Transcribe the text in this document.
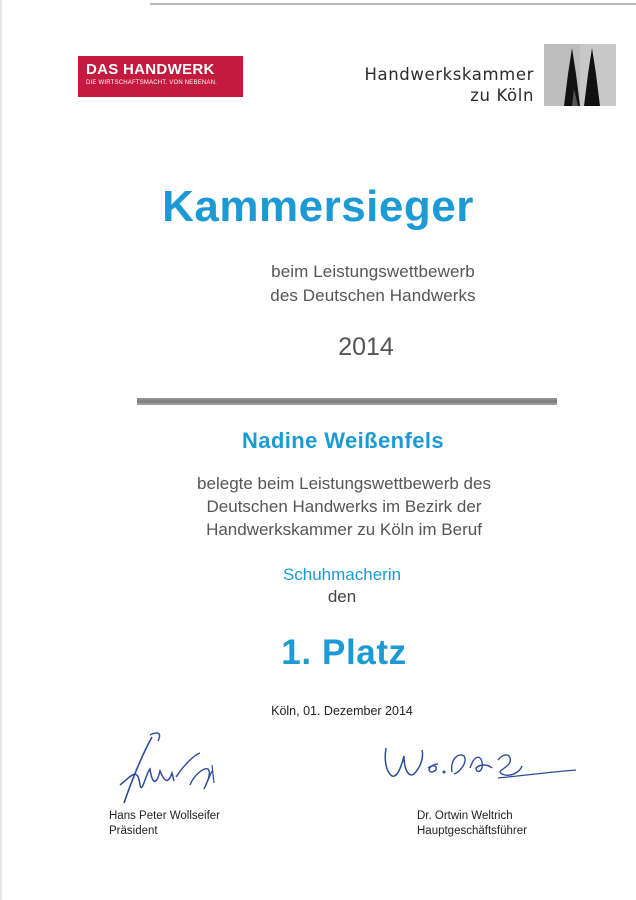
DAS HANDWERK
DIE WIRTSCHAFTSMACHT. VON NEBENAN.	Handwerkskammer
zu Köln
Kammersieger
beim Leistungswettbewerb
des Deutschen Handwerks
2014
Nadine Weißenfels
belegte beim Leistungswettbewerb des
Deutschen Handwerks im Bezirk der
Handwerkskammer zu Köln im Beruf
Schuhmacherin
den
1. Platz
Köln, 01. Dezember 2014
Hans Peter Wollseifer
Präsident
Dr. Ortwin Weltrich
Hauptgeschäftsführer
